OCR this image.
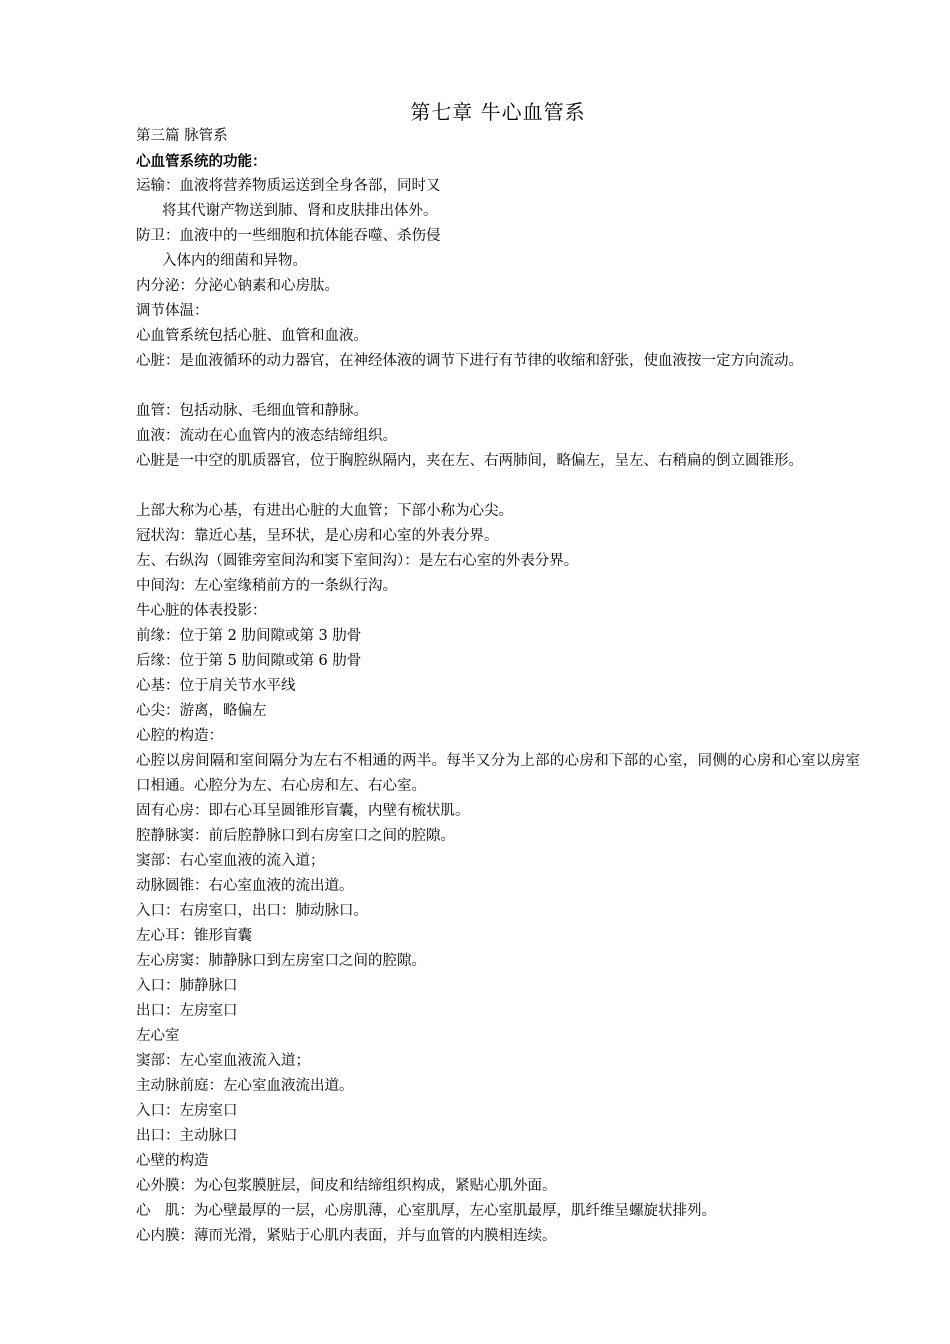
第七章 牛心血管系
第三篇 脉管系
心血管系统的功能：
运输：血液将营养物质运送到全身各部，同时又
将其代谢产物送到肺、肾和皮肤排出体外。
防卫：血液中的一些细胞和抗体能吞噬、杀伤侵
入体内的细菌和异物。
内分泌：分泌心钠素和心房肽。
调节体温：
心血管系统包括心脏、血管和血液。
心脏：是血液循环的动力器官，在神经体液的调节下进行有节律的收缩和舒张，使血液按一定方向流动。
血管：包括动脉、毛细血管和静脉。
血液：流动在心血管内的液态结缔组织。
心脏是一中空的肌质器官，位于胸腔纵隔内，夹在左、右两肺间，略偏左，呈左、右稍扁的倒立圆锥形。
上部大称为心基，有进出心脏的大血管；下部小称为心尖。
冠状沟：靠近心基，呈环状，是心房和心室的外表分界。
左、右纵沟（圆锥旁室间沟和窦下室间沟）：是左右心室的外表分界。
中间沟：左心室缘稍前方的一条纵行沟。
牛心脏的体表投影：
前缘：位于第 2 肋间隙或第 3 肋骨
后缘：位于第 5 肋间隙或第 6 肋骨
心基：位于肩关节水平线
心尖：游离，略偏左
心腔的构造：
心腔以房间隔和室间隔分为左右不相通的两半。每半又分为上部的心房和下部的心室，同侧的心房和心室以房室口相通。心腔分为左、右心房和左、右心室。
固有心房：即右心耳呈圆锥形盲囊，内壁有梳状肌。
腔静脉窦：前后腔静脉口到右房室口之间的腔隙。
窦部：右心室血液的流入道；
动脉圆锥：右心室血液的流出道。
入口：右房室口，出口：肺动脉口。
左心耳：锥形盲囊
左心房窦：肺静脉口到左房室口之间的腔隙。
入口：肺静脉口
出口：左房室口
左心室
窦部：左心室血液流入道；
主动脉前庭：左心室血液流出道。
入口：左房室口
出口：主动脉口
心壁的构造
心外膜：为心包浆膜脏层，间皮和结缔组织构成，紧贴心肌外面。
心　肌：为心壁最厚的一层，心房肌薄，心室肌厚，左心室肌最厚，肌纤维呈螺旋状排列。
心内膜：薄而光滑，紧贴于心肌内表面，并与血管的内膜相连续。
